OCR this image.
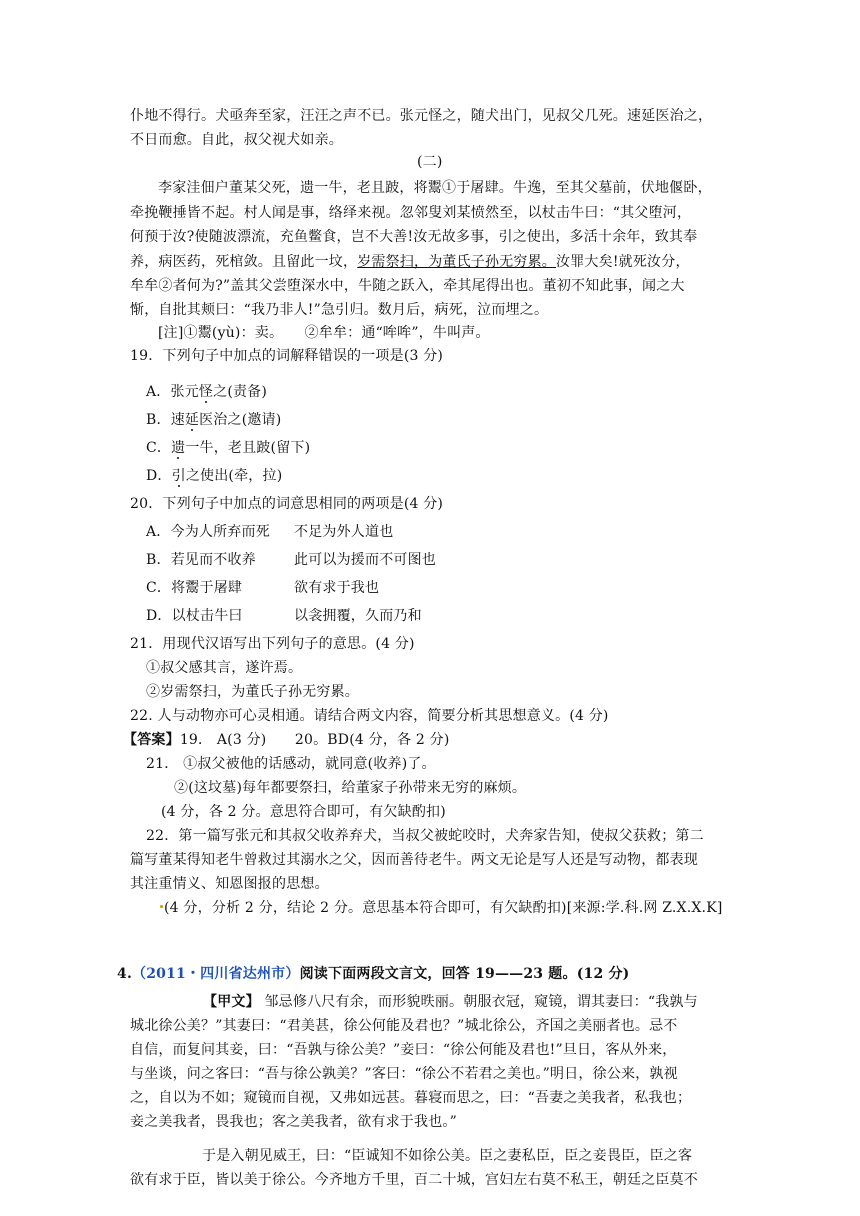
仆地不得行。犬亟奔至家，汪汪之声不已。张元怪之，随犬出门，见叔父几死。速延医治之，
不日而愈。自此，叔父视犬如亲。
(二)
李家洼佃户董某父死，遗一牛，老且跛，将鬻①于屠肆。牛逸，至其父墓前，伏地偃卧，
牵挽鞭捶皆不起。村人闻是事，络绎来视。忽邻叟刘某愤然至，以杖击牛曰：“其父堕河，
何预于汝?使随波漂流，充鱼鳖食，岂不大善!汝无故多事，引之使出，多活十余年，致其奉
养，病医药，死棺敛。且留此一坟，岁需祭扫，为董氏子孙无穷累。汝罪大矣!就死汝分，
牟牟②者何为?”盖其父尝堕深水中，牛随之跃入，牵其尾得出也。董初不知此事，闻之大
惭，自批其颊曰：“我乃非人!”急引归。数月后，病死，泣而埋之。
[注]①鬻(yù)：卖。　　②牟牟：通“哞哞”，牛叫声。
19．下列句子中加点的词解释错误的一项是(3 分)
A．张元怪之(责备)
B．速延医治之(邀请)
C．遗一牛，老且跛(留下)
D．引之使出(牵，拉)
20．下列句子中加点的词意思相同的两项是(4 分)
A．今为人所弃而死 不足为外人道也
B．若见而不收养	此可以为援而不可图也
C．将鬻于屠肆	欲有求于我也
D．以杖击牛曰	以衾拥覆，久而乃和
21．用现代汉语写出下列句子的意思。(4 分)
①叔父感其言，遂许焉。
②岁需祭扫，为董氏子孙无穷累。
22. 人与动物亦可心灵相通。请结合两文内容，简要分析其思想意义。(4 分)
【答案】19． A(3 分)　　20。BD(4 分，各 2 分)
21． ①叔父被他的话感动，就同意(收养)了。
②(这坟墓)每年都要祭扫，给董家子孙带来无穷的麻烦。
(4 分，各 2 分。意思符合即可，有欠缺酌扣)
22．第一篇写张元和其叔父收养弃犬，当叔父被蛇咬时，犬奔家告知，使叔父获救；第二
篇写董某得知老牛曾救过其溺水之父，因而善待老牛。两文无论是写人还是写动物，都表现
其注重情义、知恩图报的思想。
(4 分，分析 2 分，结论 2 分。意思基本符合即可，有欠缺酌扣)[来源:学.科.网 Z.X.X.K]
4.（2011・四川省达州市）阅读下面两段文言文，回答 19——23 题。(12 分)
【甲文】 邹忌修八尺有余，而形貌昳丽。朝服衣冠，窥镜，谓其妻曰：“我孰与
城北徐公美？”其妻曰：“君美甚，徐公何能及君也？”城北徐公，齐国之美丽者也。忌不
自信，而复问其妾，曰：“吾孰与徐公美？”妾曰：“徐公何能及君也!”旦日，客从外来，
与坐谈，问之客曰：“吾与徐公孰美？”客曰：“徐公不若君之美也。”明日，徐公来，孰视
之，自以为不如；窥镜而自视，又弗如远甚。暮寝而思之，曰：“吾妻之美我者，私我也；
妾之美我者，畏我也；客之美我者，欲有求于我也。”
于是入朝见威王，曰：“臣诚知不如徐公美。臣之妻私臣，臣之妾畏臣，臣之客
欲有求于臣，皆以美于徐公。今齐地方千里，百二十城，宫妇左右莫不私王，朝廷之臣莫不
